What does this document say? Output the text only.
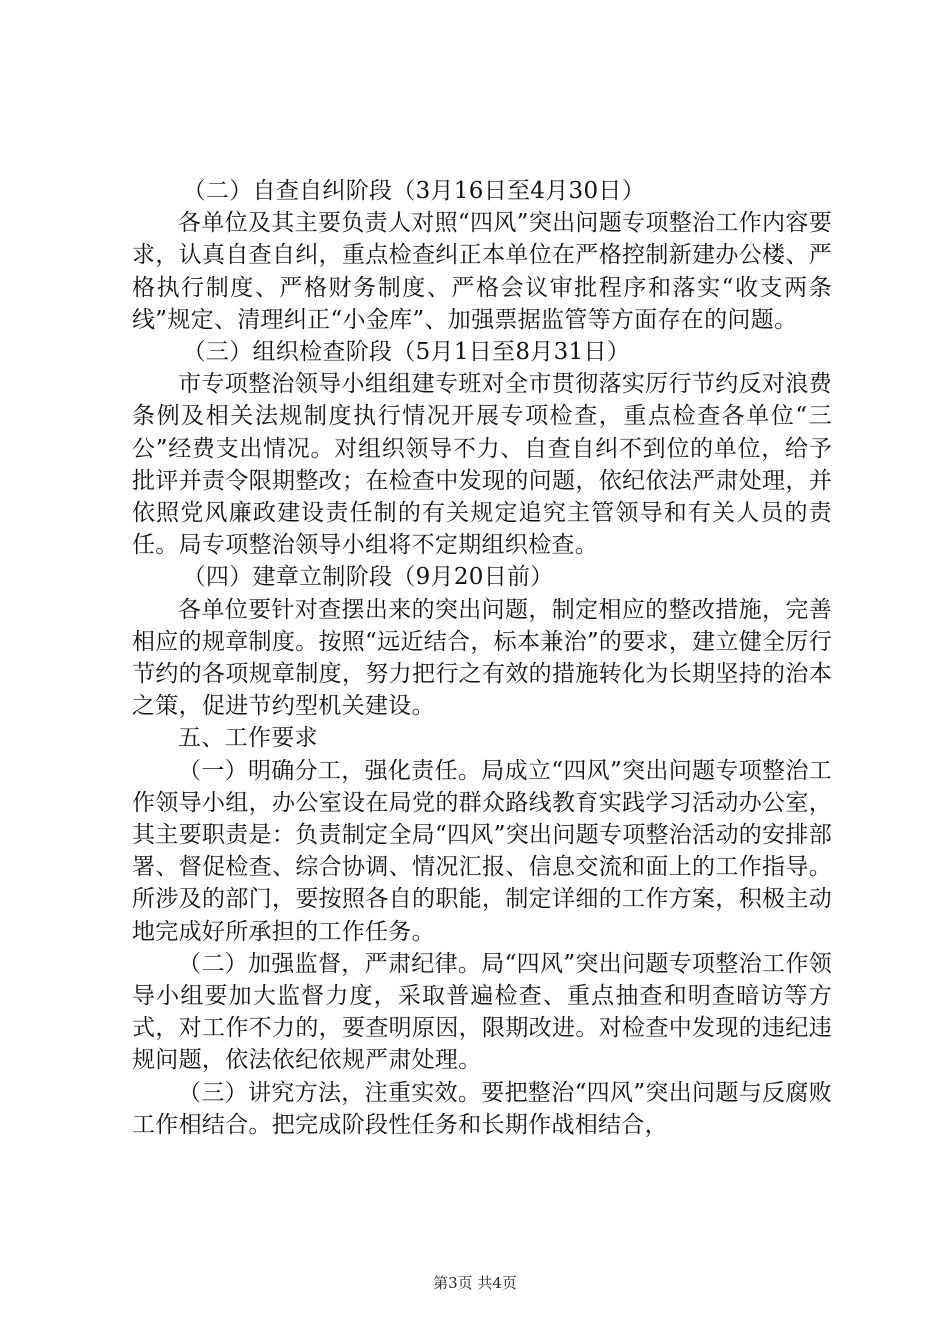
（二）自查自纠阶段（3月16日至4月30日）

各单位及其主要负责人对照“四风”突出问题专项整治工作内容要求，认真自查自纠，重点检查纠正本单位在严格控制新建办公楼、严格执行制度、严格财务制度、严格会议审批程序和落实“收支两条线”规定、清理纠正“小金库”、加强票据监管等方面存在的问题。

（三）组织检查阶段（5月1日至8月31日）

市专项整治领导小组组建专班对全市贯彻落实厉行节约反对浪费条例及相关法规制度执行情况开展专项检查，重点检查各单位“三公”经费支出情况。对组织领导不力、自查自纠不到位的单位，给予批评并责令限期整改；在检查中发现的问题，依纪依法严肃处理，并依照党风廉政建设责任制的有关规定追究主管领导和有关人员的责任。局专项整治领导小组将不定期组织检查。

（四）建章立制阶段（9月20日前）

各单位要针对查摆出来的突出问题，制定相应的整改措施，完善相应的规章制度。按照“远近结合，标本兼治”的要求，建立健全厉行节约的各项规章制度，努力把行之有效的措施转化为长期坚持的治本之策，促进节约型机关建设。

五、工作要求

（一）明确分工，强化责任。局成立“四风”突出问题专项整治工作领导小组，办公室设在局党的群众路线教育实践学习活动办公室，其主要职责是：负责制定全局“四风”突出问题专项整治活动的安排部署、督促检查、综合协调、情况汇报、信息交流和面上的工作指导。所涉及的部门，要按照各自的职能，制定详细的工作方案，积极主动地完成好所承担的工作任务。

（二）加强监督，严肃纪律。局“四风”突出问题专项整治工作领导小组要加大监督力度，采取普遍检查、重点抽查和明查暗访等方式，对工作不力的，要查明原因，限期改进。对检查中发现的违纪违规问题，依法依纪依规严肃处理。

（三）讲究方法，注重实效。要把整治“四风”突出问题与反腐败工作相结合。把完成阶段性任务和长期作战相结合，

第3页 共4页
